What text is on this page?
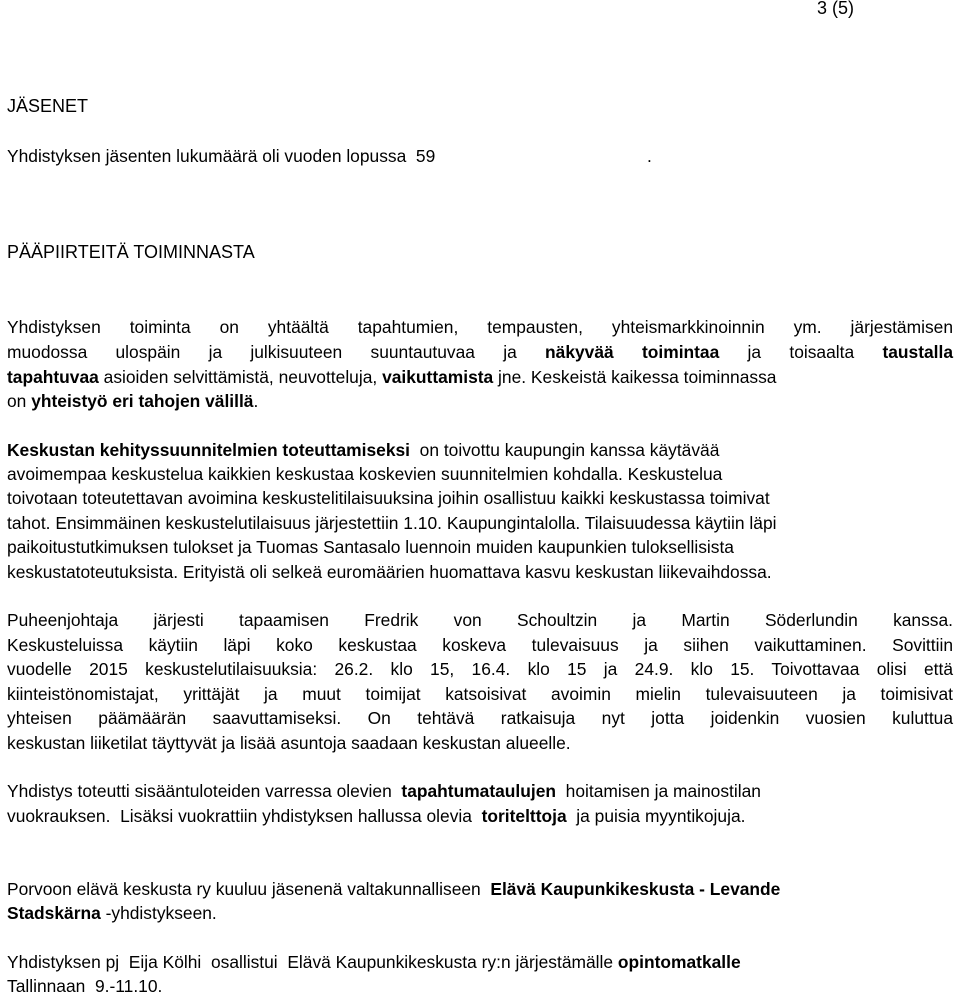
3 (5)
JÄSENET

Yhdistyksen jäsenten lukumäärä oli vuoden lopussa  59	.

PÄÄPIIRTEITÄ TOIMINNASTA

Yhdistyksen toiminta on yhtäältä tapahtumien, tempausten, yhteismarkkinoinnin ym. järjestämisen

muodossa ulospäin ja julkisuuteen suuntautuvaa ja näkyvää toimintaa ja toisaalta taustalla

tapahtuvaa asioiden selvittämistä, neuvotteluja, vaikuttamista jne. Keskeistä kaikessa toiminnassa

on yhteistyö eri tahojen välillä.

Keskustan kehityssuunnitelmien toteuttamiseksi  on toivottu kaupungin kanssa käytävää

avoimempaa keskustelua kaikkien keskustaa koskevien suunnitelmien kohdalla. Keskustelua

toivotaan toteutettavan avoimina keskustelitilaisuuksina joihin osallistuu kaikki keskustassa toimivat

tahot. Ensimmäinen keskustelutilaisuus järjestettiin 1.10. Kaupungintalolla. Tilaisuudessa käytiin läpi

paikoitustutkimuksen tulokset ja Tuomas Santasalo luennoin muiden kaupunkien tuloksellisista

keskustatoteutuksista. Erityistä oli selkeä euromäärien huomattava kasvu keskustan liikevaihdossa.

Puheenjohtaja järjesti tapaamisen Fredrik von Schoultzin ja Martin Söderlundin kanssa.

Keskusteluissa käytiin läpi koko keskustaa koskeva tulevaisuus ja siihen vaikuttaminen. Sovittiin

vuodelle 2015 keskustelutilaisuuksia: 26.2. klo 15, 16.4. klo 15 ja 24.9. klo 15. Toivottavaa olisi että

kiinteistönomistajat, yrittäjät ja muut toimijat katsoisivat avoimin mielin tulevaisuuteen ja toimisivat

yhteisen päämäärän saavuttamiseksi. On tehtävä ratkaisuja nyt jotta joidenkin vuosien kuluttua

keskustan liiketilat täyttyvät ja lisää asuntoja saadaan keskustan alueelle.

Yhdistys toteutti sisääntuloteiden varressa olevien  tapahtumataulujen  hoitamisen ja mainostilan

vuokrauksen.  Lisäksi vuokrattiin yhdistyksen hallussa olevia  toritelttoja  ja puisia myyntikojuja.

Porvoon elävä keskusta ry kuuluu jäsenenä valtakunnalliseen  Elävä Kaupunkikeskusta - Levande

Stadskärna -yhdistykseen.

Yhdistyksen pj  Eija Kölhi  osallistui  Elävä Kaupunkikeskusta ry:n järjestämälle opintomatkalle

Tallinnaan  9.-11.10.
